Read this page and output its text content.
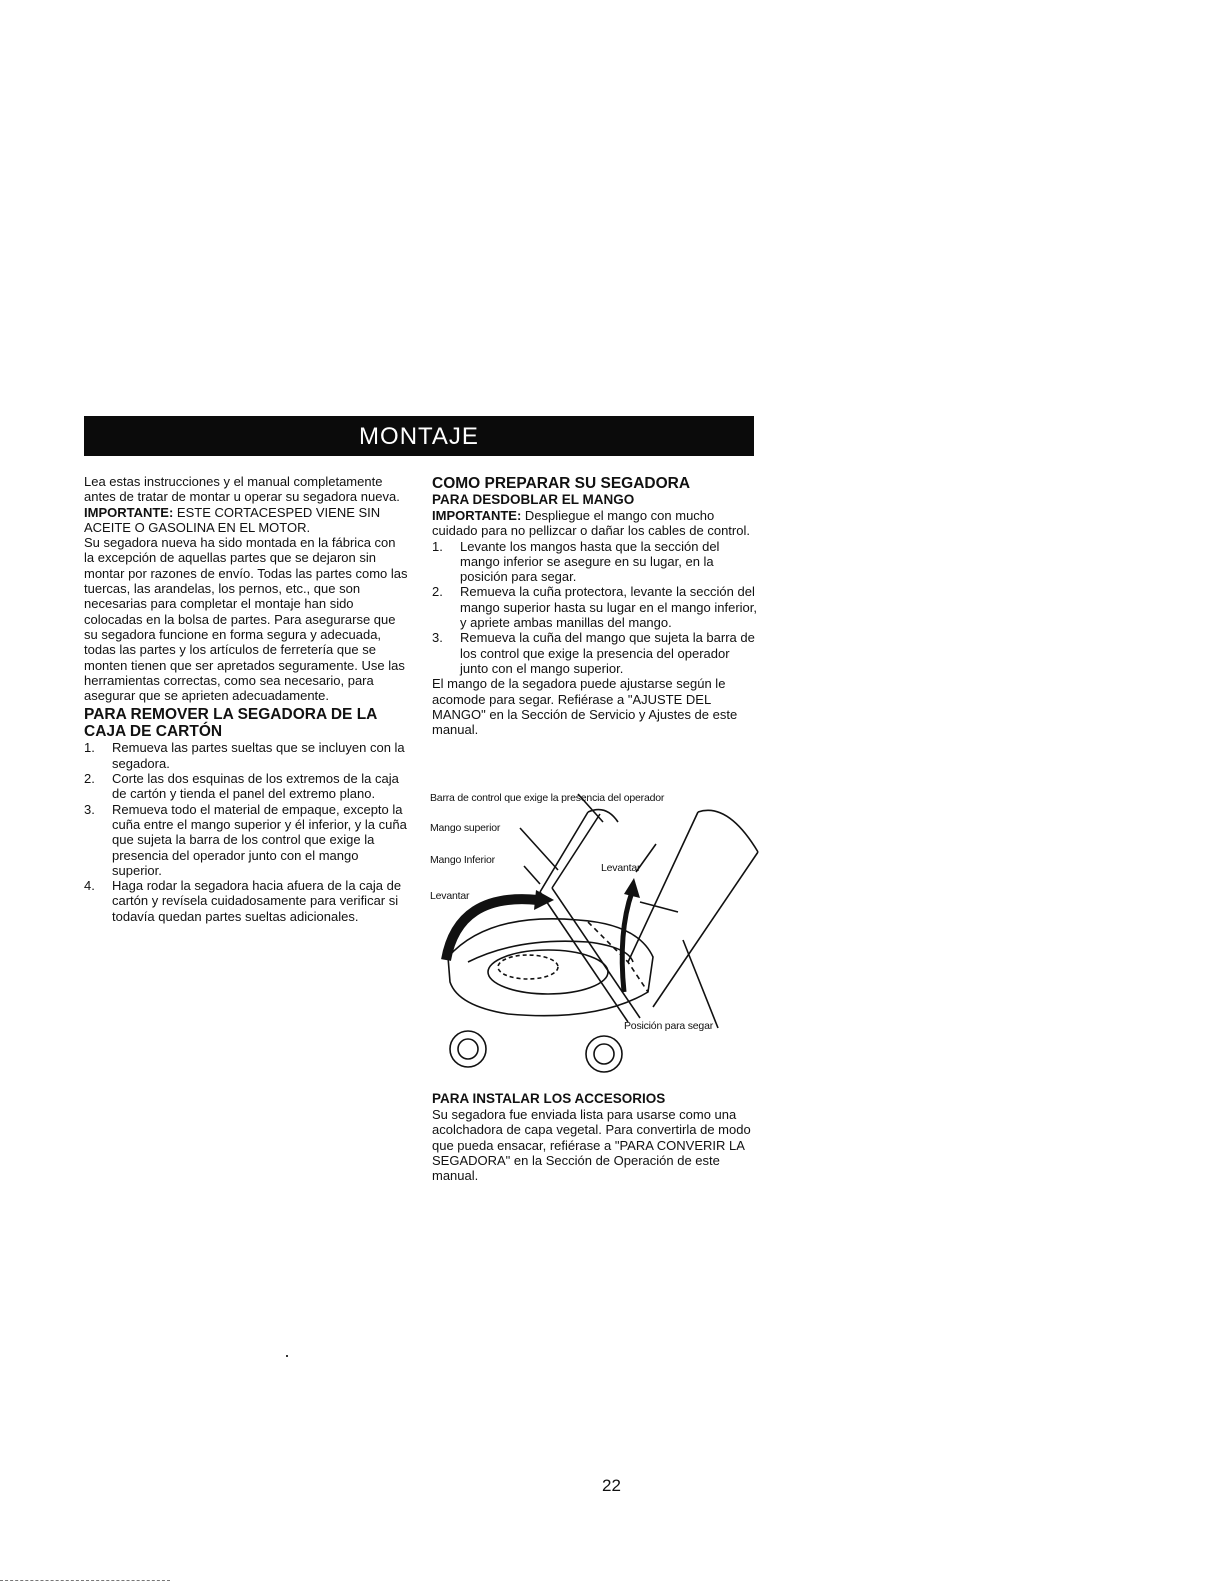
MONTAJE

Lea estas instrucciones y el manual completamente antes de tratar de montar u operar su segadora nueva.

IMPORTANTE: ESTE CORTACESPED VIENE SIN ACEITE O GASOLINA EN EL MOTOR.

Su segadora nueva ha sido montada en la fábrica con la excepción de aquellas partes que se dejaron sin montar por razones de envío. Todas las partes como las tuercas, las arandelas, los pernos, etc., que son necesarias para completar el montaje han sido colocadas en la bolsa de partes. Para asegurarse que su segadora funcione en forma segura y adecuada, todas las partes y los artículos de ferretería que se monten tienen que ser apretados seguramente. Use las herramientas correctas, como sea necesario, para asegurar que se aprieten adecuadamente.

PARA REMOVER LA SEGADORA DE LA CAJA DE CARTÓN

1. Remueva las partes sueltas que se incluyen con la segadora.
2. Corte las dos esquinas de los extremos de la caja de cartón y tienda el panel del extremo plano.
3. Remueva todo el material de empaque, excepto la cuña entre el mango superior y él inferior, y la cuña que sujeta la barra de los control que exige la presencia del operador junto con el mango superior.
4. Haga rodar la segadora hacia afuera de la caja de cartón y revísela cuidadosamente para verificar si todavía quedan partes sueltas adicionales.

COMO PREPARAR SU SEGADORA

PARA DESDOBLAR EL MANGO

IMPORTANTE: Despliegue el mango con mucho cuidado para no pellizcar o dañar los cables de control.

1. Levante los mangos hasta que la sección del mango inferior se asegure en su lugar, en la posición para segar.
2. Remueva la cuña protectora, levante la sección del mango superior hasta su lugar en el mango inferior, y apriete ambas manillas del mango.
3. Remueva la cuña del mango que sujeta la barra de los control que exige la presencia del operador junto con el mango superior.

El mango de la segadora puede ajustarse según le acomode para segar. Refiérase a "AJUSTE DEL MANGO" en la Sección de Servicio y Ajustes de este manual.

Barra de control que exige la presencia del operador
Mango superior
Mango Inferior
Levantar
Levantar
Posición para segar

PARA INSTALAR LOS ACCESORIOS

Su segadora fue enviada lista para usarse como una acolchadora de capa vegetal. Para convertirla de modo que pueda ensacar, refiérase a "PARA CONVERIR LA SEGADORA" en la Sección de Operación de este manual.

22
